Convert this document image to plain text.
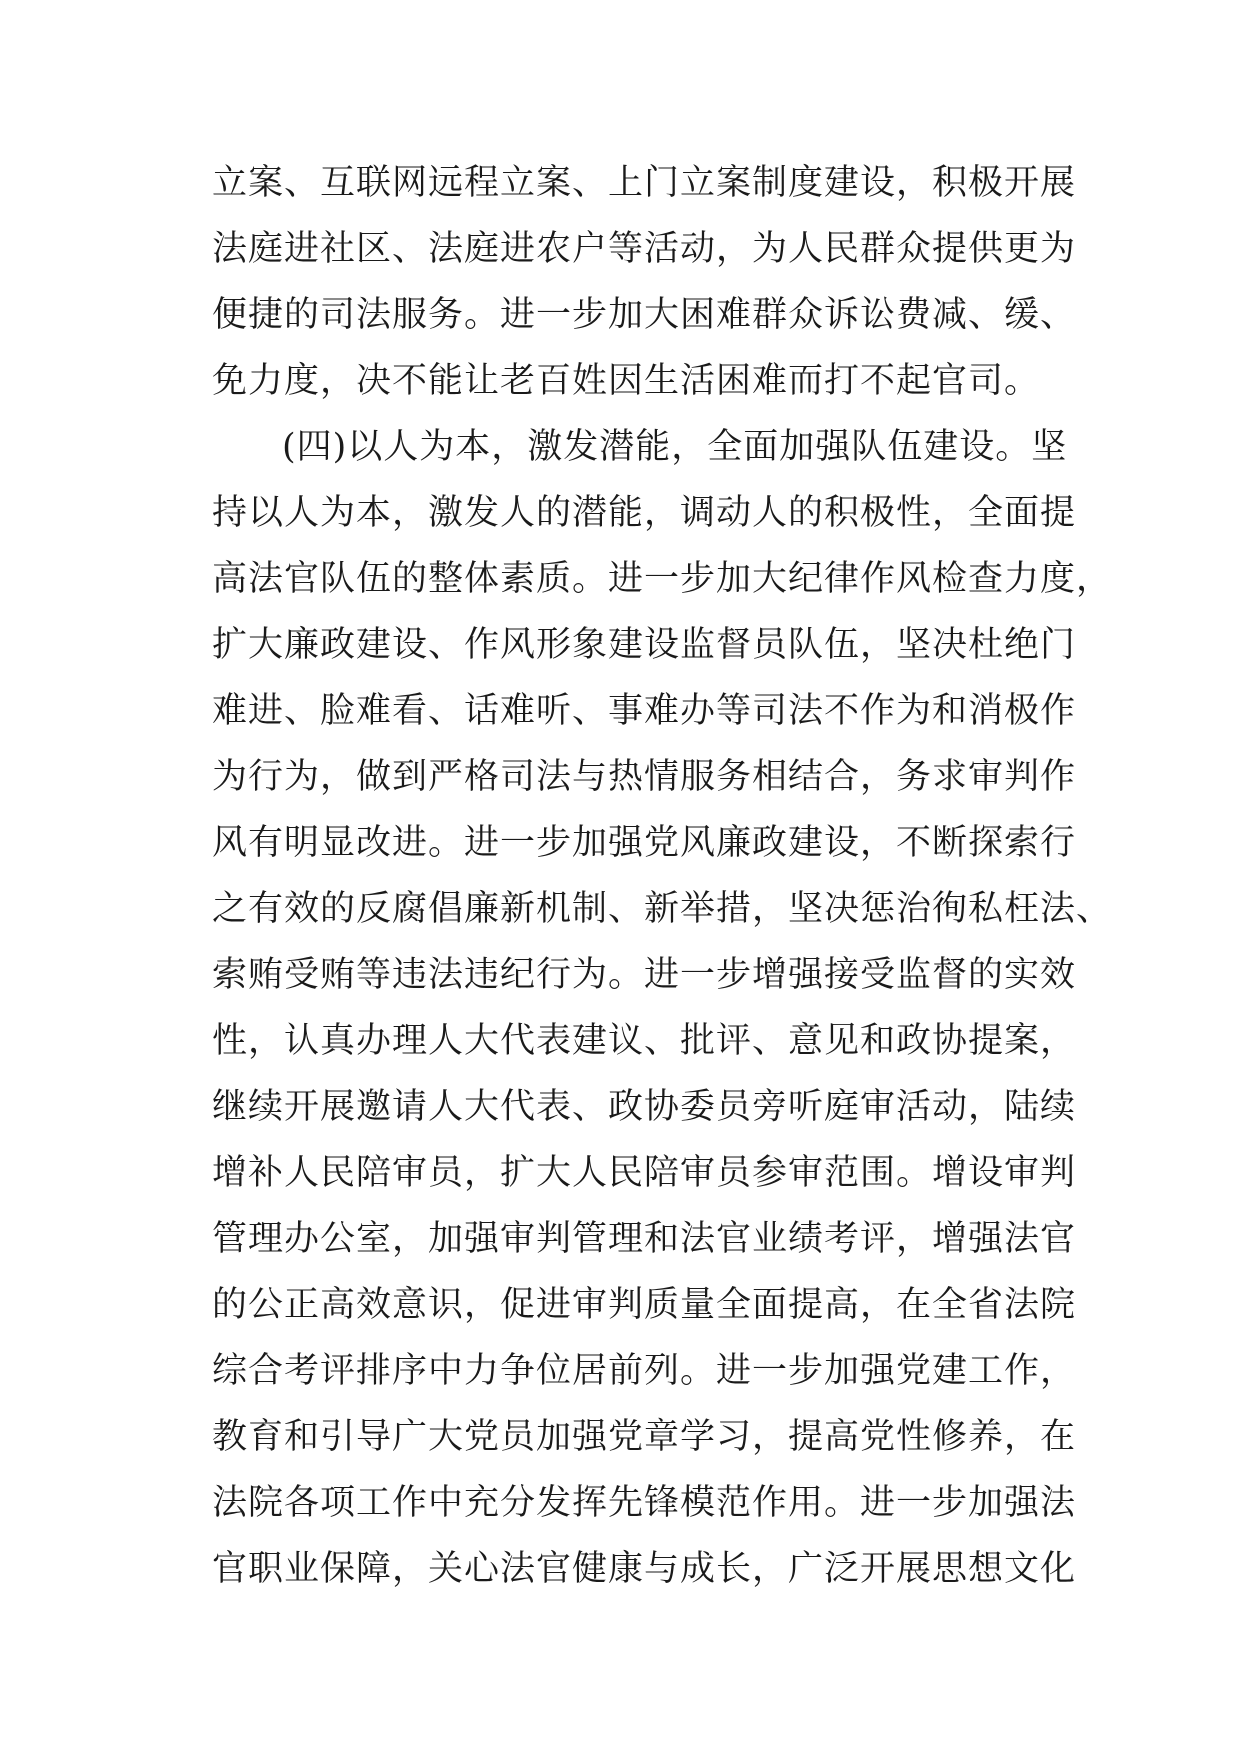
立案、互联网远程立案、上门立案制度建设，积极开展
法庭进社区、法庭进农户等活动，为人民群众提供更为
便捷的司法服务。进一步加大困难群众诉讼费减、缓、
免力度，决不能让老百姓因生活困难而打不起官司。
(四)以人为本，激发潜能，全面加强队伍建设。坚
持以人为本，激发人的潜能，调动人的积极性，全面提
高法官队伍的整体素质。进一步加大纪律作风检查力度，
扩大廉政建设、作风形象建设监督员队伍，坚决杜绝门
难进、脸难看、话难听、事难办等司法不作为和消极作
为行为，做到严格司法与热情服务相结合，务求审判作
风有明显改进。进一步加强党风廉政建设，不断探索行
之有效的反腐倡廉新机制、新举措，坚决惩治徇私枉法、
索贿受贿等违法违纪行为。进一步增强接受监督的实效
性，认真办理人大代表建议、批评、意见和政协提案，
继续开展邀请人大代表、政协委员旁听庭审活动，陆续
增补人民陪审员，扩大人民陪审员参审范围。增设审判
管理办公室，加强审判管理和法官业绩考评，增强法官
的公正高效意识，促进审判质量全面提高，在全省法院
综合考评排序中力争位居前列。进一步加强党建工作，
教育和引导广大党员加强党章学习，提高党性修养，在
法院各项工作中充分发挥先锋模范作用。进一步加强法
官职业保障，关心法官健康与成长，广泛开展思想文化
